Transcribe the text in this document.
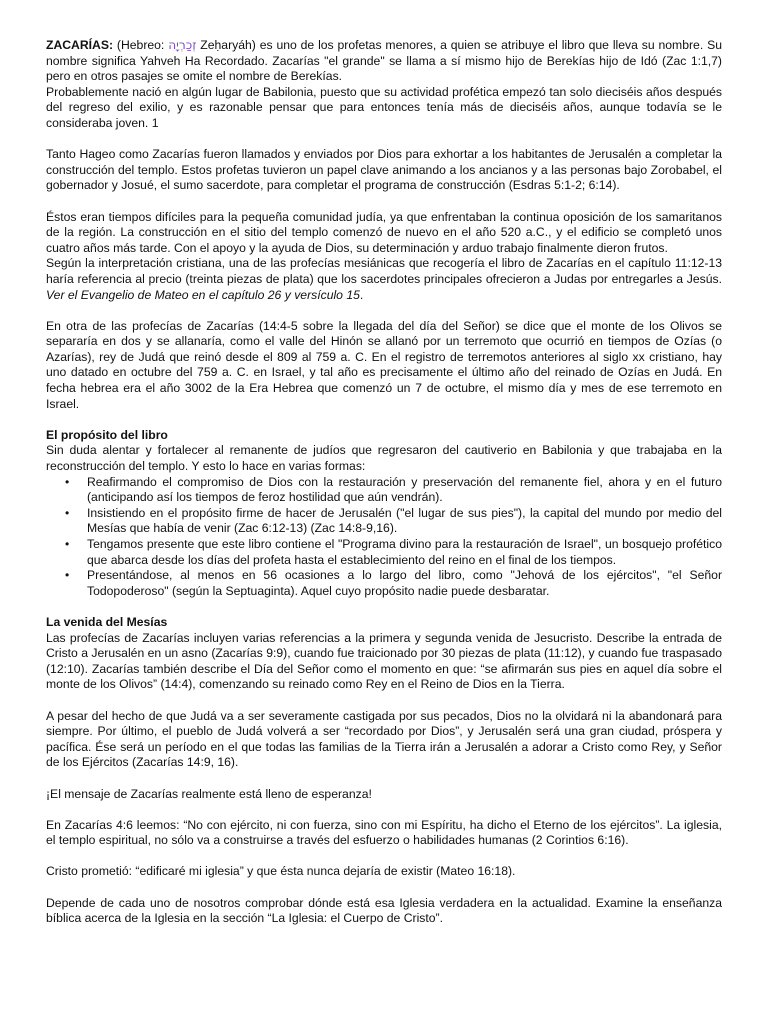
ZACARÍAS: (Hebreo: זְכַרְיָה Zeḥaryáh) es uno de los profetas menores, a quien se atribuye el libro que lleva su nombre. Su nombre significa Yahveh Ha Recordado. Zacarías "el grande" se llama a sí mismo hijo de Berekías hijo de Idó (Zac 1:1,7) pero en otros pasajes se omite el nombre de Berekías.

Probablemente nació en algún lugar de Babilonia, puesto que su actividad profética empezó tan solo dieciséis años después del regreso del exilio, y es razonable pensar que para entonces tenía más de dieciséis años, aunque todavía se le consideraba joven. 1

Tanto Hageo como Zacarías fueron llamados y enviados por Dios para exhortar a los habitantes de Jerusalén a completar la construcción del templo. Estos profetas tuvieron un papel clave animando a los ancianos y a las personas bajo Zorobabel, el gobernador y Josué, el sumo sacerdote, para completar el programa de construcción (Esdras 5:1-2; 6:14).

Éstos eran tiempos difíciles para la pequeña comunidad judía, ya que enfrentaban la continua oposición de los samaritanos de la región. La construcción en el sitio del templo comenzó de nuevo en el año 520 a.C., y el edificio se completó unos cuatro años más tarde. Con el apoyo y la ayuda de Dios, su determinación y arduo trabajo finalmente dieron frutos.

Según la interpretación cristiana, una de las profecías mesiánicas que recogería el libro de Zacarías en el capítulo 11:12-13 haría referencia al precio (treinta piezas de plata) que los sacerdotes principales ofrecieron a Judas por entregarles a Jesús. Ver el Evangelio de Mateo en el capítulo 26 y versículo 15.

En otra de las profecías de Zacarías (14:4-5 sobre la llegada del día del Señor) se dice que el monte de los Olivos se separaría en dos y se allanaría, como el valle del Hinón se allanó por un terremoto que ocurrió en tiempos de Ozías (o Azarías), rey de Judá que reinó desde el 809 al 759 a. C. En el registro de terremotos anteriores al siglo xx cristiano, hay uno datado en octubre del 759 a. C. en Israel, y tal año es precisamente el último año del reinado de Ozías en Judá. En fecha hebrea era el año 3002 de la Era Hebrea que comenzó un 7 de octubre, el mismo día y mes de ese terremoto en Israel.

El propósito del libro

Sin duda alentar y fortalecer al remanente de judíos que regresaron del cautiverio en Babilonia y que trabajaba en la reconstrucción del templo. Y esto lo hace en varias formas:

• Reafirmando el compromiso de Dios con la restauración y preservación del remanente fiel, ahora y en el futuro (anticipando así los tiempos de feroz hostilidad que aún vendrán).
• Insistiendo en el propósito firme de hacer de Jerusalén ("el lugar de sus pies"), la capital del mundo por medio del Mesías que había de venir (Zac 6:12-13) (Zac 14:8-9,16).
• Tengamos presente que este libro contiene el "Programa divino para la restauración de Israel", un bosquejo profético que abarca desde los días del profeta hasta el establecimiento del reino en el final de los tiempos.
• Presentándose, al menos en 56 ocasiones a lo largo del libro, como "Jehová de los ejércitos", "el Señor Todopoderoso" (según la Septuaginta). Aquel cuyo propósito nadie puede desbaratar.

La venida del Mesías

Las profecías de Zacarías incluyen varias referencias a la primera y segunda venida de Jesucristo. Describe la entrada de Cristo a Jerusalén en un asno (Zacarías 9:9), cuando fue traicionado por 30 piezas de plata (11:12), y cuando fue traspasado (12:10). Zacarías también describe el Día del Señor como el momento en que: “se afirmarán sus pies en aquel día sobre el monte de los Olivos” (14:4), comenzando su reinado como Rey en el Reino de Dios en la Tierra.

A pesar del hecho de que Judá va a ser severamente castigada por sus pecados, Dios no la olvidará ni la abandonará para siempre. Por último, el pueblo de Judá volverá a ser “recordado por Dios”, y Jerusalén será una gran ciudad, próspera y pacífica. Ése será un período en el que todas las familias de la Tierra irán a Jerusalén a adorar a Cristo como Rey, y Señor de los Ejércitos (Zacarías 14:9, 16).

¡El mensaje de Zacarías realmente está lleno de esperanza!

En Zacarías 4:6 leemos: “No con ejército, ni con fuerza, sino con mi Espíritu, ha dicho el Eterno de los ejércitos”. La iglesia, el templo espiritual, no sólo va a construirse a través del esfuerzo o habilidades humanas (2 Corintios 6:16).

Cristo prometió: “edificaré mi iglesia” y que ésta nunca dejaría de existir (Mateo 16:18).

Depende de cada uno de nosotros comprobar dónde está esa Iglesia verdadera en la actualidad. Examine la enseñanza bíblica acerca de la Iglesia en la sección “La Iglesia: el Cuerpo de Cristo”.
